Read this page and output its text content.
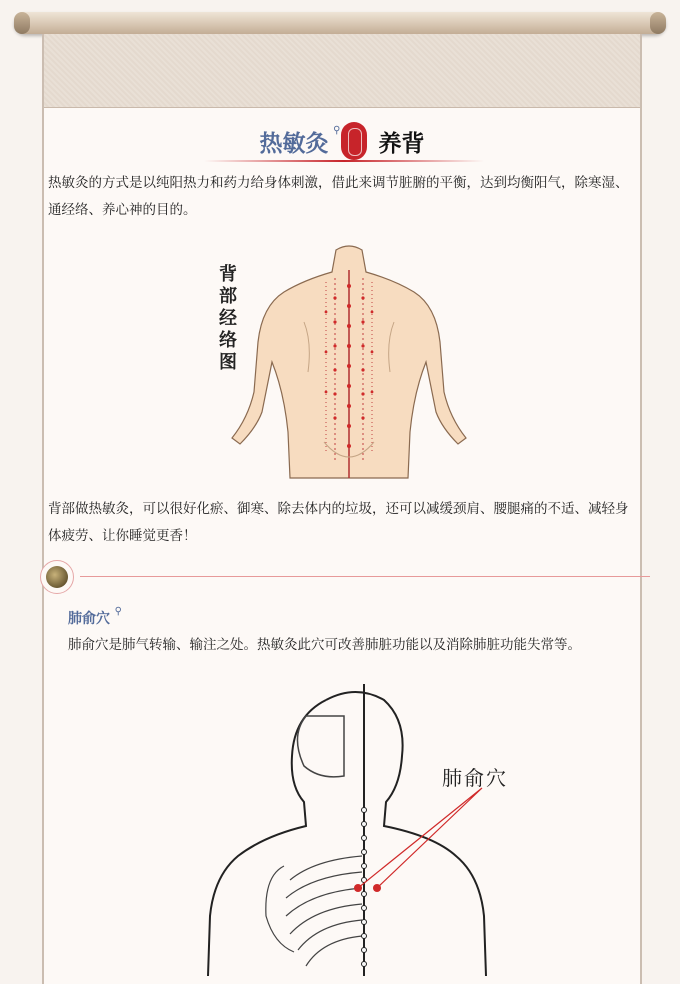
热敏灸
⚲
养背

热敏灸的方式是以纯阳热力和药力给身体刺激，借此来调节脏腑的平衡，达到均衡阳气，除寒湿、通经络、养心神的目的。

背部经络图

背部做热敏灸，可以很好化瘀、御寒、除去体内的垃圾，还可以减缓颈肩、腰腿痛的不适、减轻身体疲劳、让你睡觉更香！

肺俞穴 ⚲

肺俞穴是肺气转输、输注之处。热敏灸此穴可改善肺脏功能以及消除肺脏功能失常等。

肺俞穴
